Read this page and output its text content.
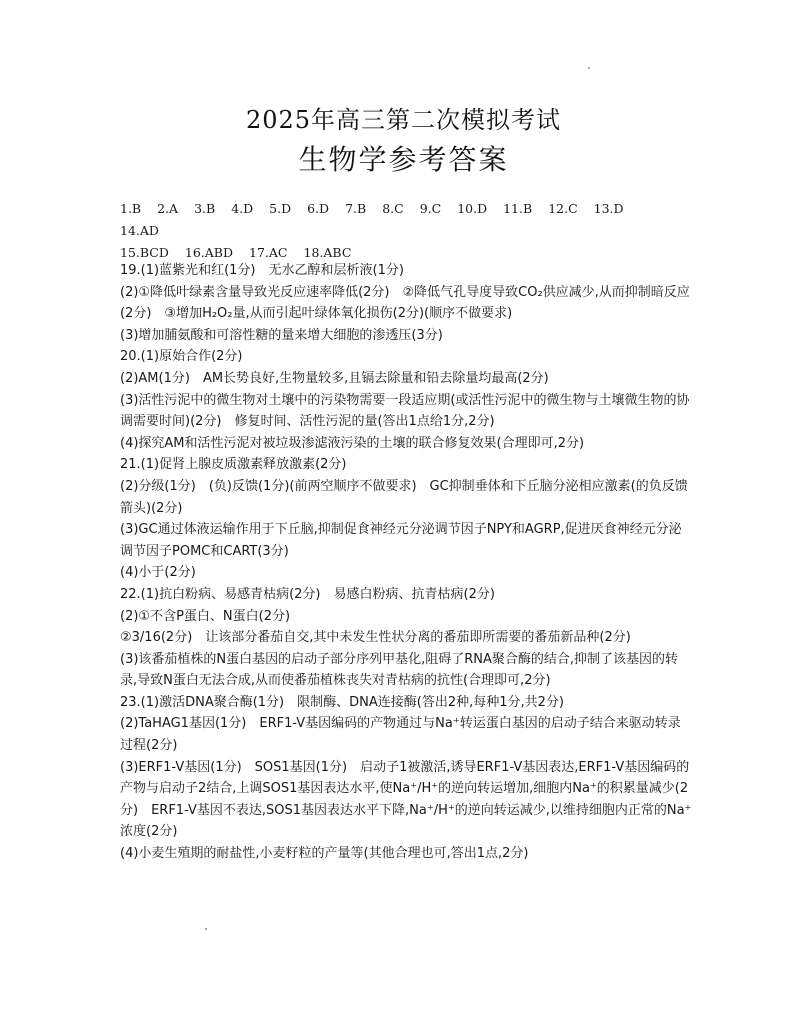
2025年高三第二次模拟考试
生物学参考答案
1.B 2.A 3.B 4.D 5.D 6.D 7.B 8.C 9.C 10.D 11.B 12.C 13.D
14.AD
15.BCD 16.ABD 17.AC 18.ABC
19.(1)蓝紫光和红(1分)　无水乙醇和层析液(1分)
(2)①降低叶绿素含量导致光反应速率降低(2分)　②降低气孔导度导致CO₂供应减少,从而抑制暗反应(2分)　③增加H₂O₂量,从而引起叶绿体氧化损伤(2分)(顺序不做要求)
(3)增加脯氨酸和可溶性糖的量来增大细胞的渗透压(3分)
20.(1)原始合作(2分)
(2)AM(1分)　AM长势良好,生物量较多,且镉去除量和铅去除量均最高(2分)
(3)活性污泥中的微生物对土壤中的污染物需要一段适应期(或活性污泥中的微生物与土壤微生物的协调需要时间)(2分)　修复时间、活性污泥的量(答出1点给1分,2分)
(4)探究AM和活性污泥对被垃圾渗滤液污染的土壤的联合修复效果(合理即可,2分)
21.(1)促肾上腺皮质激素释放激素(2分)
(2)分级(1分)　(负)反馈(1分)(前两空顺序不做要求)　GC抑制垂体和下丘脑分泌相应激素(的负反馈箭头)(2分)
(3)GC通过体液运输作用于下丘脑,抑制促食神经元分泌调节因子NPY和AGRP,促进厌食神经元分泌调节因子POMC和CART(3分)
(4)小于(2分)
22.(1)抗白粉病、易感青枯病(2分)　易感白粉病、抗青枯病(2分)
(2)①不含P蛋白、N蛋白(2分)
②3/16(2分)　让该部分番茄自交,其中未发生性状分离的番茄即所需要的番茄新品种(2分)
(3)该番茄植株的N蛋白基因的启动子部分序列甲基化,阻碍了RNA聚合酶的结合,抑制了该基因的转录,导致N蛋白无法合成,从而使番茄植株丧失对青枯病的抗性(合理即可,2分)
23.(1)激活DNA聚合酶(1分)　限制酶、DNA连接酶(答出2种,每种1分,共2分)
(2)TaHAG1基因(1分)　ERF1-V基因编码的产物通过与Na⁺转运蛋白基因的启动子结合来驱动转录过程(2分)
(3)ERF1-V基因(1分)　SOS1基因(1分)　启动子1被激活,诱导ERF1-V基因表达,ERF1-V基因编码的产物与启动子2结合,上调SOS1基因表达水平,使Na⁺/H⁺的逆向转运增加,细胞内Na⁺的积累量减少(2分)　ERF1-V基因不表达,SOS1基因表达水平下降,Na⁺/H⁺的逆向转运减少,以维持细胞内正常的Na⁺浓度(2分)
(4)小麦生殖期的耐盐性,小麦籽粒的产量等(其他合理也可,答出1点,2分)
